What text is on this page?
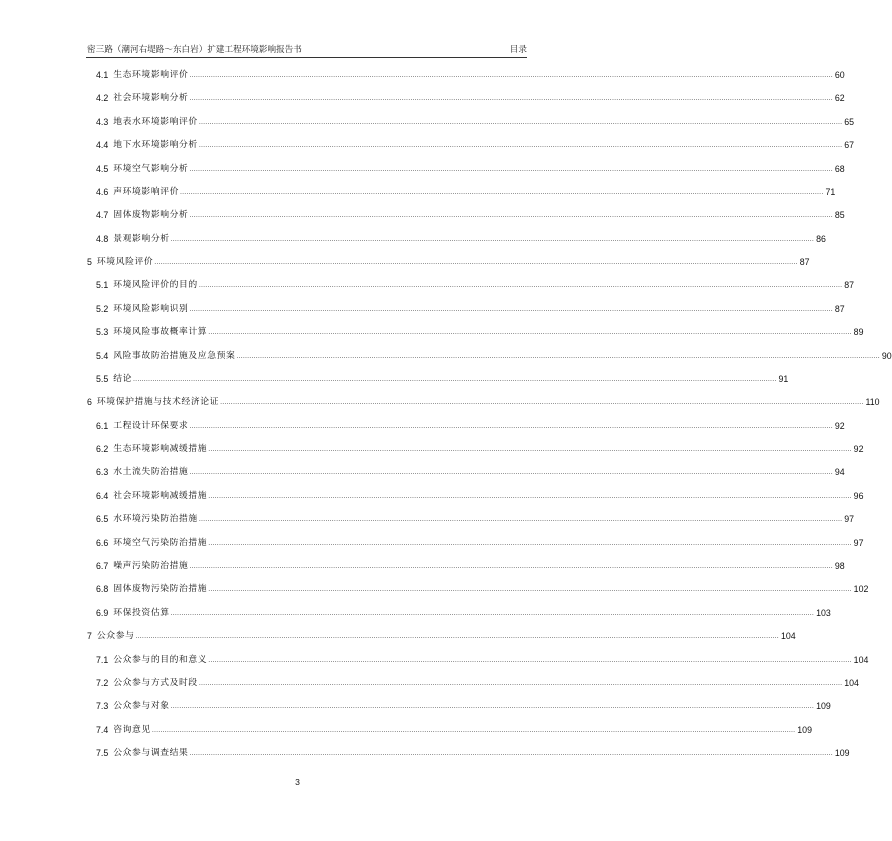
密三路（潮河右堤路～东白岩）扩建工程环境影响报告书	目录
4.1 生态环境影响评价 ............................................................................................................................................................................................................................................................................................................ 60
4.2 社会环境影响分析 ............................................................................................................................................................................................................................................................................................................ 62
4.3 地表水环境影响评价 ............................................................................................................................................................................................................................................................................................................ 65
4.4 地下水环境影响分析 ............................................................................................................................................................................................................................................................................................................ 67
4.5 环境空气影响分析 ............................................................................................................................................................................................................................................................................................................ 68
4.6 声环境影响评价 ............................................................................................................................................................................................................................................................................................................ 71
4.7 固体废物影响分析 ............................................................................................................................................................................................................................................................................................................ 85
4.8 景观影响分析 ............................................................................................................................................................................................................................................................................................................ 86
5 环境风险评价 ............................................................................................................................................................................................................................................................................................................ 87
5.1 环境风险评价的目的 ............................................................................................................................................................................................................................................................................................................ 87
5.2 环境风险影响识别 ............................................................................................................................................................................................................................................................................................................ 87
5.3 环境风险事故概率计算 ............................................................................................................................................................................................................................................................................................................ 89
5.4 风险事故防治措施及应急预案 ............................................................................................................................................................................................................................................................................................................ 90
5.5 结论 ............................................................................................................................................................................................................................................................................................................ 91
6 环境保护措施与技术经济论证 ............................................................................................................................................................................................................................................................................................................ 110
6.1 工程设计环保要求 ............................................................................................................................................................................................................................................................................................................ 92
6.2 生态环境影响减缓措施 ............................................................................................................................................................................................................................................................................................................ 92
6.3 水土流失防治措施 ............................................................................................................................................................................................................................................................................................................ 94
6.4 社会环境影响减缓措施 ............................................................................................................................................................................................................................................................................................................ 96
6.5 水环境污染防治措施 ............................................................................................................................................................................................................................................................................................................ 97
6.6 环境空气污染防治措施 ............................................................................................................................................................................................................................................................................................................ 97
6.7 噪声污染防治措施 ............................................................................................................................................................................................................................................................................................................ 98
6.8 固体废物污染防治措施 ............................................................................................................................................................................................................................................................................................................ 102
6.9 环保投资估算 ............................................................................................................................................................................................................................................................................................................ 103
7 公众参与 ............................................................................................................................................................................................................................................................................................................ 104
7.1 公众参与的目的和意义 ............................................................................................................................................................................................................................................................................................................ 104
7.2 公众参与方式及时段 ............................................................................................................................................................................................................................................................................................................ 104
7.3 公众参与对象 ............................................................................................................................................................................................................................................................................................................ 109
7.4 咨询意见 ............................................................................................................................................................................................................................................................................................................ 109
7.5 公众参与调查结果 ............................................................................................................................................................................................................................................................................................................ 109
3
